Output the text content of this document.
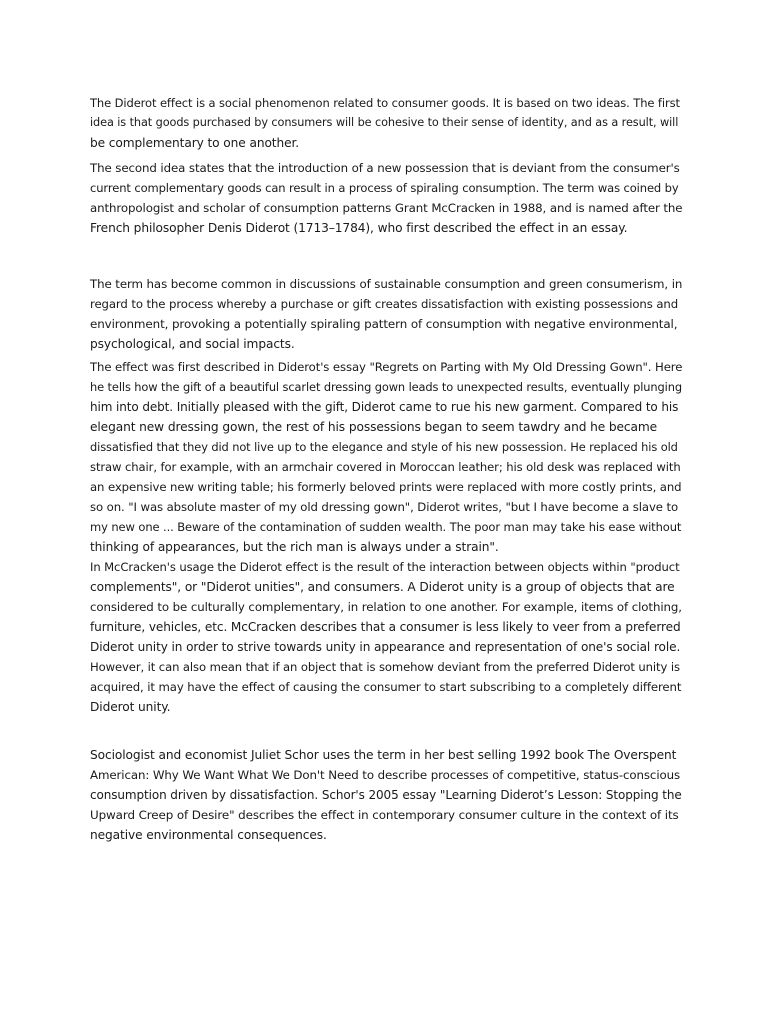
The Diderot effect is a social phenomenon related to consumer goods. It is based on two ideas. The first
idea is that goods purchased by consumers will be cohesive to their sense of identity, and as a result, will
be complementary to one another.

The second idea states that the introduction of a new possession that is deviant from the consumer's
current complementary goods can result in a process of spiraling consumption. The term was coined by
anthropologist and scholar of consumption patterns Grant McCracken in 1988, and is named after the
French philosopher Denis Diderot (1713–1784), who first described the effect in an essay.

The term has become common in discussions of sustainable consumption and green consumerism, in
regard to the process whereby a purchase or gift creates dissatisfaction with existing possessions and
environment, provoking a potentially spiraling pattern of consumption with negative environmental,
psychological, and social impacts.

The effect was first described in Diderot's essay "Regrets on Parting with My Old Dressing Gown". Here
he tells how the gift of a beautiful scarlet dressing gown leads to unexpected results, eventually plunging
him into debt. Initially pleased with the gift, Diderot came to rue his new garment. Compared to his
elegant new dressing gown, the rest of his possessions began to seem tawdry and he became
dissatisfied that they did not live up to the elegance and style of his new possession. He replaced his old
straw chair, for example, with an armchair covered in Moroccan leather; his old desk was replaced with
an expensive new writing table; his formerly beloved prints were replaced with more costly prints, and
so on. "I was absolute master of my old dressing gown", Diderot writes, "but I have become a slave to
my new one ... Beware of the contamination of sudden wealth. The poor man may take his ease without
thinking of appearances, but the rich man is always under a strain".

In McCracken's usage the Diderot effect is the result of the interaction between objects within "product
complements", or "Diderot unities", and consumers. A Diderot unity is a group of objects that are
considered to be culturally complementary, in relation to one another. For example, items of clothing,
furniture, vehicles, etc. McCracken describes that a consumer is less likely to veer from a preferred
Diderot unity in order to strive towards unity in appearance and representation of one's social role.
However, it can also mean that if an object that is somehow deviant from the preferred Diderot unity is
acquired, it may have the effect of causing the consumer to start subscribing to a completely different
Diderot unity.

Sociologist and economist Juliet Schor uses the term in her best selling 1992 book The Overspent
American: Why We Want What We Don't Need to describe processes of competitive, status-conscious
consumption driven by dissatisfaction. Schor's 2005 essay "Learning Diderot’s Lesson: Stopping the
Upward Creep of Desire" describes the effect in contemporary consumer culture in the context of its
negative environmental consequences.
